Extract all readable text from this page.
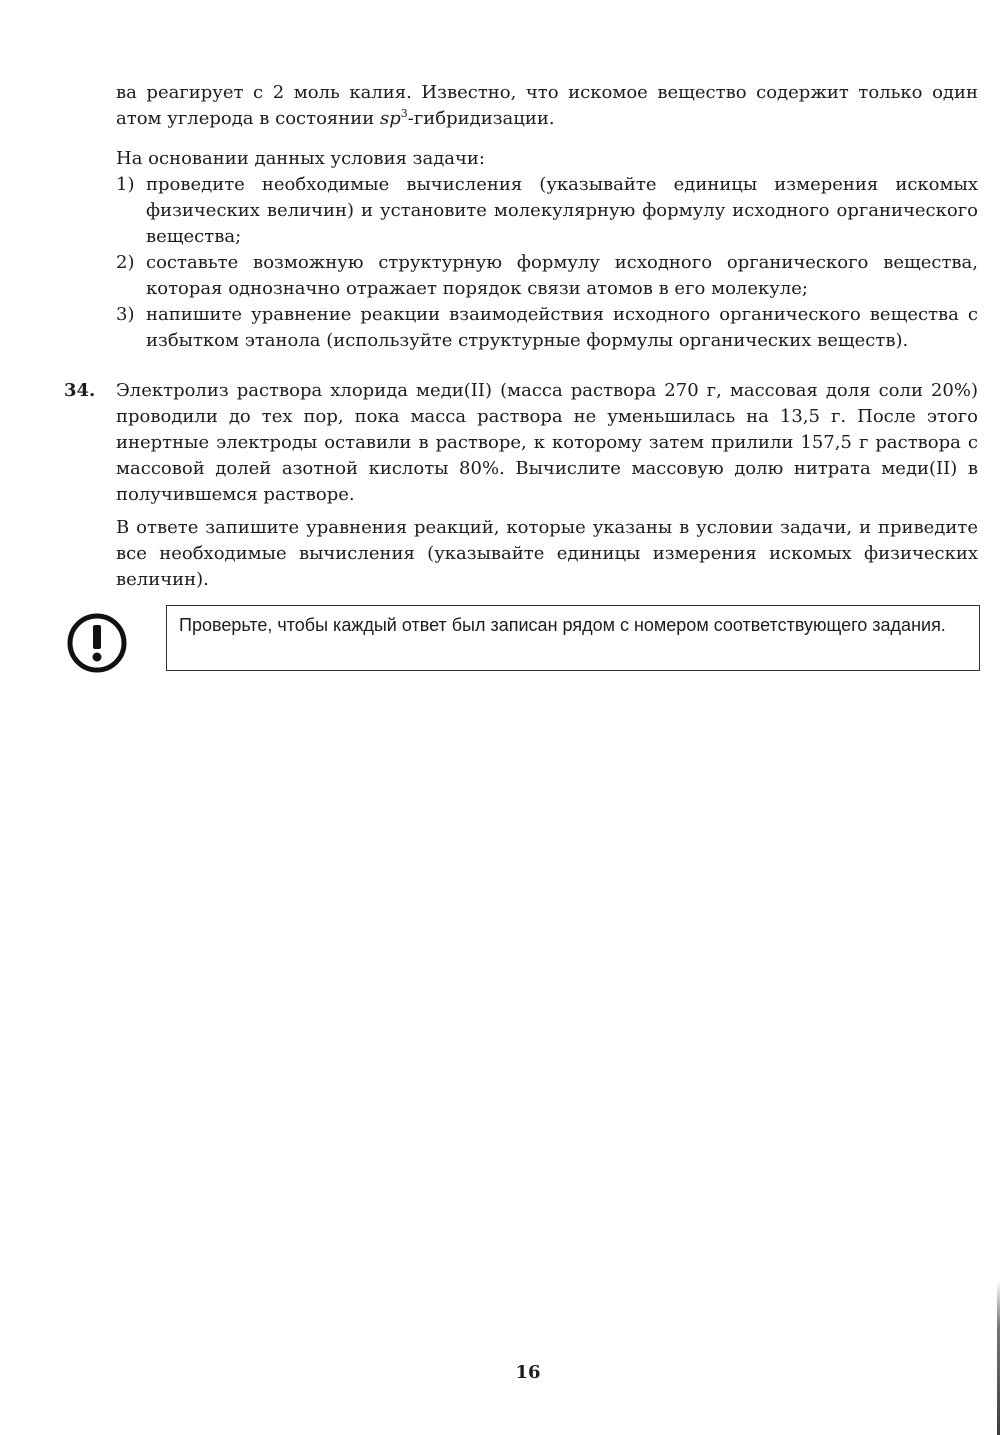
ва реагирует с 2 моль калия. Известно, что искомое вещество содержит только один атом углерода в состоянии $sp^3$-гибридизации.

На основании данных условия задачи:

1) проведите необходимые вычисления (указывайте единицы измерения искомых физических величин) и установите молекулярную формулу исходного органического вещества;
2) составьте возможную структурную формулу исходного органического вещества, которая однозначно отражает порядок связи атомов в его молекуле;
3) напишите уравнение реакции взаимодействия исходного органического вещества с избытком этанола (используйте структурные формулы органических веществ).
34. Электролиз раствора хлорида меди(II) (масса раствора 270 г, массовая доля соли 20%) проводили до тех пор, пока масса раствора не уменьшилась на 13,5 г. После этого инертные электроды оставили в растворе, к которому затем прилили 157,5 г раствора с массовой долей азотной кислоты 80%. Вычислите массовую долю нитрата меди(II) в получившемся растворе.

В ответе запишите уравнения реакций, которые указаны в условии задачи, и приведите все необходимые вычисления (указывайте единицы измерения искомых физических величин).

Проверьте, чтобы каждый ответ был записан рядом с номером соответствующего задания.
16
